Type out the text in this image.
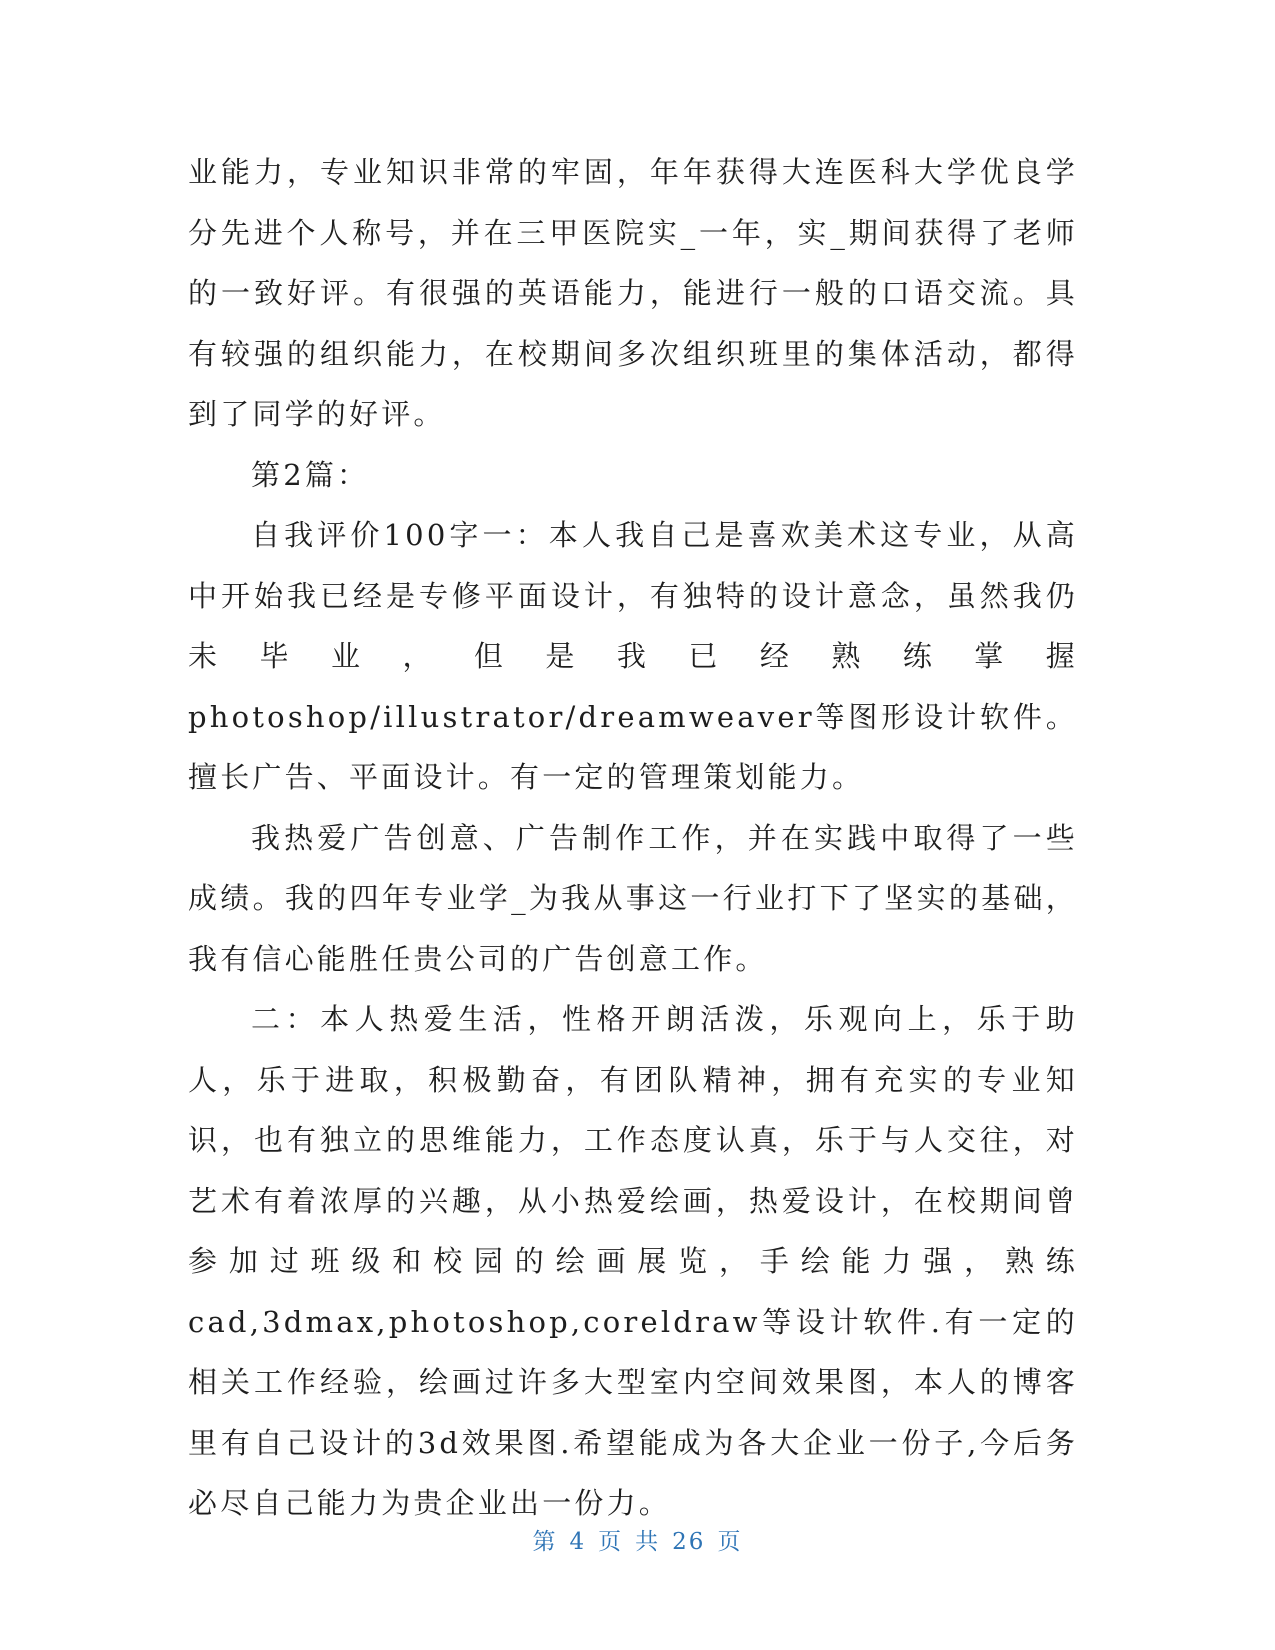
业能力，专业知识非常的牢固，年年获得大连医科大学优良学分先进个人称号，并在三甲医院实_一年，实_期间获得了老师的一致好评。有很强的英语能力，能进行一般的口语交流。具有较强的组织能力，在校期间多次组织班里的集体活动，都得到了同学的好评。

第2篇：

自我评价100字一：本人我自己是喜欢美术这专业，从高中开始我已经是专修平面设计，有独特的设计意念，虽然我仍未毕业，但是我已经熟练掌握photoshop/illustrator/dreamweaver等图形设计软件。擅长广告、平面设计。有一定的管理策划能力。

我热爱广告创意、广告制作工作，并在实践中取得了一些成绩。我的四年专业学_为我从事这一行业打下了坚实的基础，我有信心能胜任贵公司的广告创意工作。

二：本人热爱生活，性格开朗活泼，乐观向上，乐于助人，乐于进取，积极勤奋，有团队精神，拥有充实的专业知识，也有独立的思维能力，工作态度认真，乐于与人交往，对艺术有着浓厚的兴趣，从小热爱绘画，热爱设计，在校期间曾参加过班级和校园的绘画展览，手绘能力强，熟练cad,3dmax,photoshop,coreldraw等设计软件.有一定的相关工作经验，绘画过许多大型室内空间效果图，本人的博客里有自己设计的3d效果图.希望能成为各大企业一份子,今后务必尽自己能力为贵企业出一份力。

第 4 页 共 26 页
